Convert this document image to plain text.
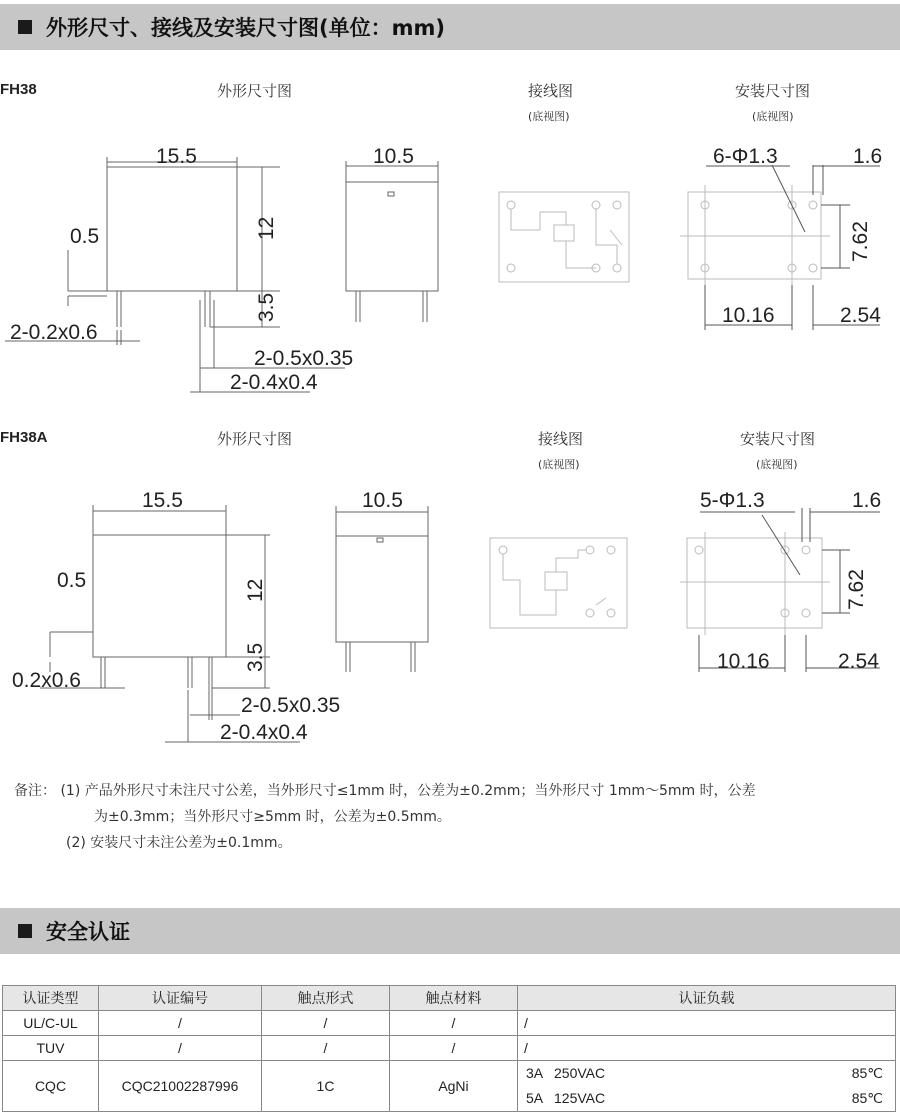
外形尺寸、接线及安装尺寸图(单位：mm)
FH38	外形尺寸图	接线图
(底视图)
安装尺寸图
(底视图)
15.5	10.5
12
0.5
3.5
2-0.2x0.6
2-0.5x0.35
2-0.4x0.4
6-Φ1.3	1.6
7.62
10.16	2.54
FH38A	外形尺寸图	接线图
(底视图)
安装尺寸图
(底视图)
15.5	10.5
12
0.5
3.5
0.2x0.6
2-0.5x0.35
2-0.4x0.4
5-Φ1.3	1.6
7.62
10.16	2.54
备注： (1) 产品外形尺寸未注尺寸公差，当外形尺寸≤1mm 时，公差为±0.2mm；当外形尺寸 1mm～5mm 时，公差
为±0.3mm；当外形尺寸≥5mm 时，公差为±0.5mm。
(2) 安装尺寸未注公差为±0.1mm。
安全认证
认证类型	认证编号	触点形式	触点材料	认证负载
UL/C-UL	/	/	/	/
TUV	/	/	/	/
CQC	CQC21002287996	1C	AgNi	3A   250VAC 85℃
5A   125VAC 85℃
